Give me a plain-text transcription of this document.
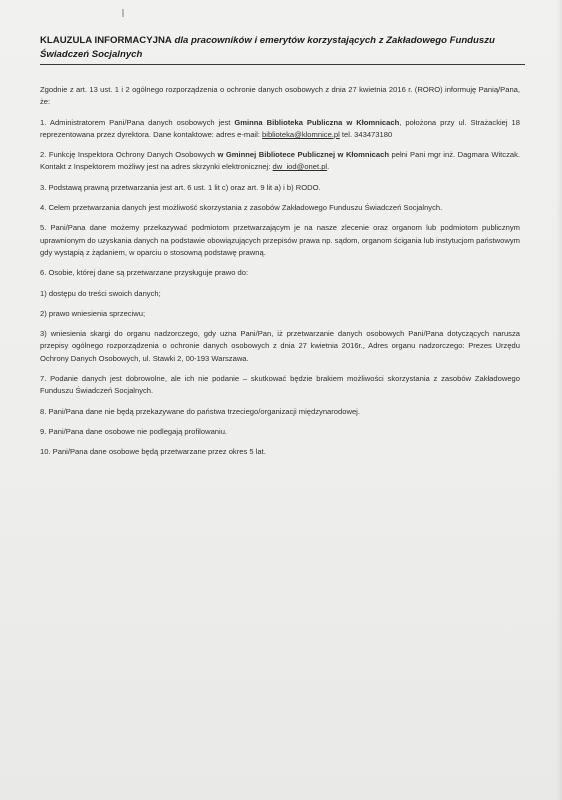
KLAUZULA INFORMACYJNA dla pracowników i emerytów korzystających z Zakładowego Funduszu
Świadczeń Socjalnych

Zgodnie z art. 13 ust. 1 i 2 ogólnego rozporządzenia o ochronie danych osobowych z dnia 27 kwietnia 2016 r. (RORO) informuję Panią/Pana, że:

1. Administratorem Pani/Pana danych osobowych jest Gminna Biblioteka Publiczna w Kłomnicach, położona przy ul. Strażackiej 18 reprezentowana przez dyrektora. Dane kontaktowe: adres e-mail: biblioteka@klomnice.pl tel. 343473180

2. Funkcję Inspektora Ochrony Danych Osobowych w Gminnej Bibliotece Publicznej w Kłomnicach pełni Pani mgr inż. Dagmara Witczak. Kontakt z Inspektorem możliwy jest na adres skrzynki elektronicznej: dw_iod@onet.pl.

3. Podstawą prawną przetwarzania jest art. 6 ust. 1 lit c) oraz art. 9 lit a) i b) RODO.

4. Celem przetwarzania danych jest możliwość skorzystania z zasobów Zakładowego Funduszu Świadczeń Socjalnych.

5. Pani/Pana dane możemy przekazywać podmiotom przetwarzającym je na nasze zlecenie oraz organom lub podmiotom publicznym uprawnionym do uzyskania danych na podstawie obowiązujących przepisów prawa np. sądom, organom ścigania lub instytucjom państwowym gdy wystąpią z żądaniem, w oparciu o stosowną podstawę prawną.

6. Osobie, której dane są przetwarzane przysługuje prawo do:

1) dostępu do treści swoich danych;

2) prawo wniesienia sprzeciwu;

3) wniesienia skargi do organu nadzorczego, gdy uzna Pani/Pan, iż przetwarzanie danych osobowych Pani/Pana dotyczących narusza przepisy ogólnego rozporządzenia o ochronie danych osobowych z dnia 27 kwietnia 2016r., Adres organu nadzorczego: Prezes Urzędu Ochrony Danych Osobowych, ul. Stawki 2, 00-193 Warszawa.

7. Podanie danych jest dobrowolne, ale ich nie podanie – skutkować będzie brakiem możliwości skorzystania z zasobów Zakładowego Funduszu Świadczeń Socjalnych.

8. Pani/Pana dane nie będą przekazywane do państwa trzeciego/organizacji międzynarodowej.

9. Pani/Pana dane osobowe nie podlegają profilowaniu.

10. Pani/Pana dane osobowe będą przetwarzane przez okres 5 lat.
